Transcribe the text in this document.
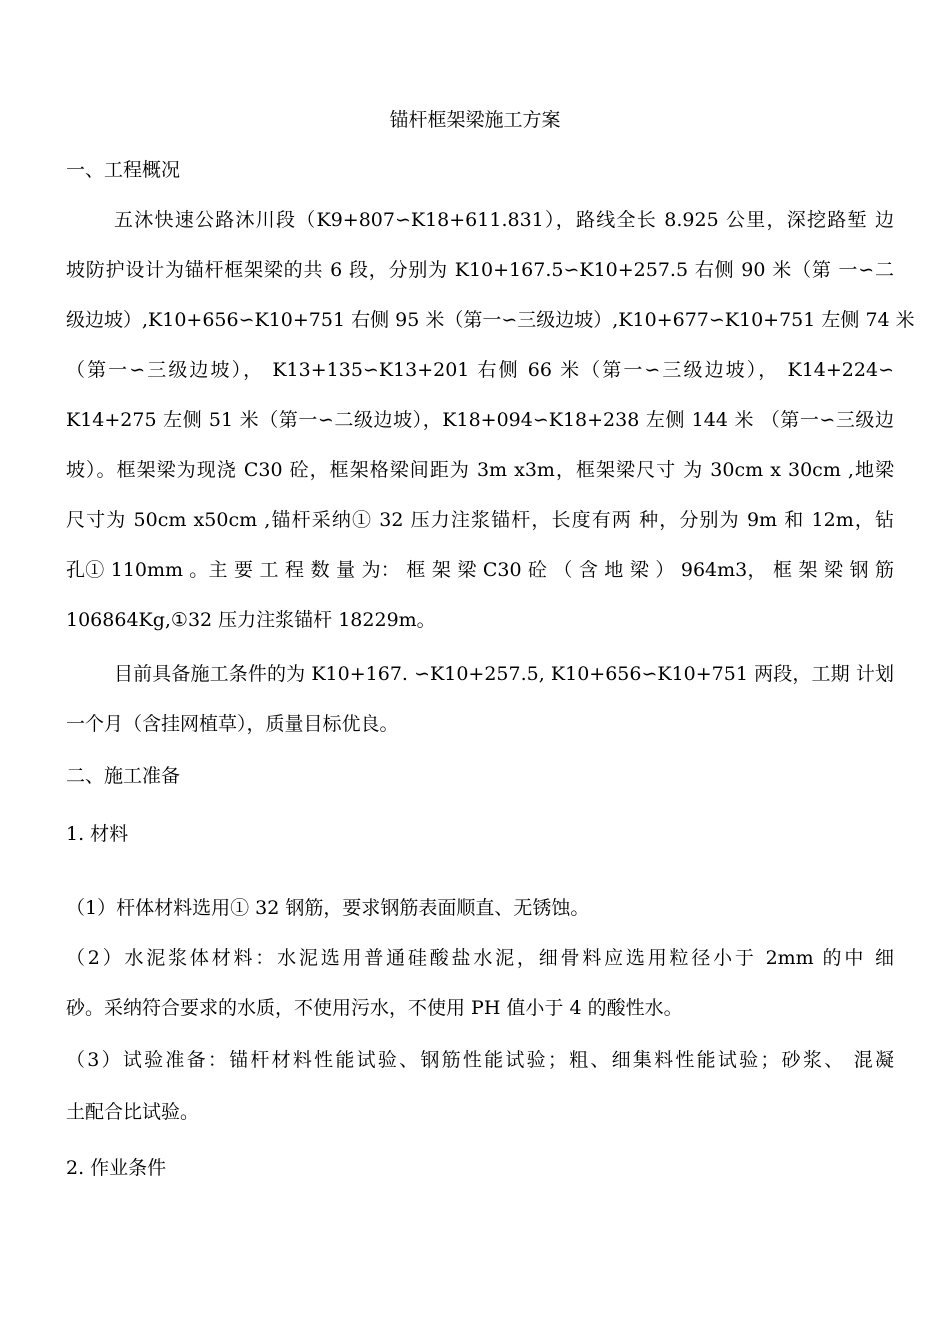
锚杆框架梁施工方案
一、工程概况
五沐快速公路沐川段（K9+807∽K18+611.831），路线全长 8.925 公里，深挖路堑 边
坡防护设计为锚杆框架梁的共 6 段，分别为 K10+167.5∽K10+257.5 右侧 90 米（第 一∽二
级边坡）,K10+656∽K10+751 右侧 95 米（第一∽三级边坡）,K10+677∽K10+751 左侧 74 米
（第一∽三级边坡）， K13+135∽K13+201 右侧 66 米（第一∽三级边坡）， K14+224∽
K14+275 左侧 51 米（第一∽二级边坡），K18+094∽K18+238 左侧 144 米 （第一∽三级边
坡）。框架梁为现浇 C30 砼，框架格梁间距为 3m x3m，框架梁尺寸 为 30cm x 30cm ,地梁
尺寸为 50cm x50cm ,锚杆采纳① 32 压力注浆锚杆，长度有两 种，分别为 9m 和 12m，钻
孔① 110mm 。主 要 工 程 数 量 为： 框 架 梁 C30 砼 （ 含 地 梁 ） 964m3， 框 架 梁 钢 筋
106864Kg,①32 压力注浆锚杆 18229m。
目前具备施工条件的为 K10+167. ∽K10+257.5, K10+656∽K10+751 两段，工期 计划
一个月（含挂网植草），质量目标优良。
二、施工准备
1. 材料
（1）杆体材料选用① 32 钢筋，要求钢筋表面顺直、无锈蚀。
（2）水泥浆体材料：水泥选用普通硅酸盐水泥，细骨料应选用粒径小于 2mm 的中 细
砂。采纳符合要求的水质，不使用污水，不使用 PH 值小于 4 的酸性水。
（3）试验准备：锚杆材料性能试验、钢筋性能试验；粗、细集料性能试验；砂浆、 混凝
土配合比试验。
2. 作业条件
